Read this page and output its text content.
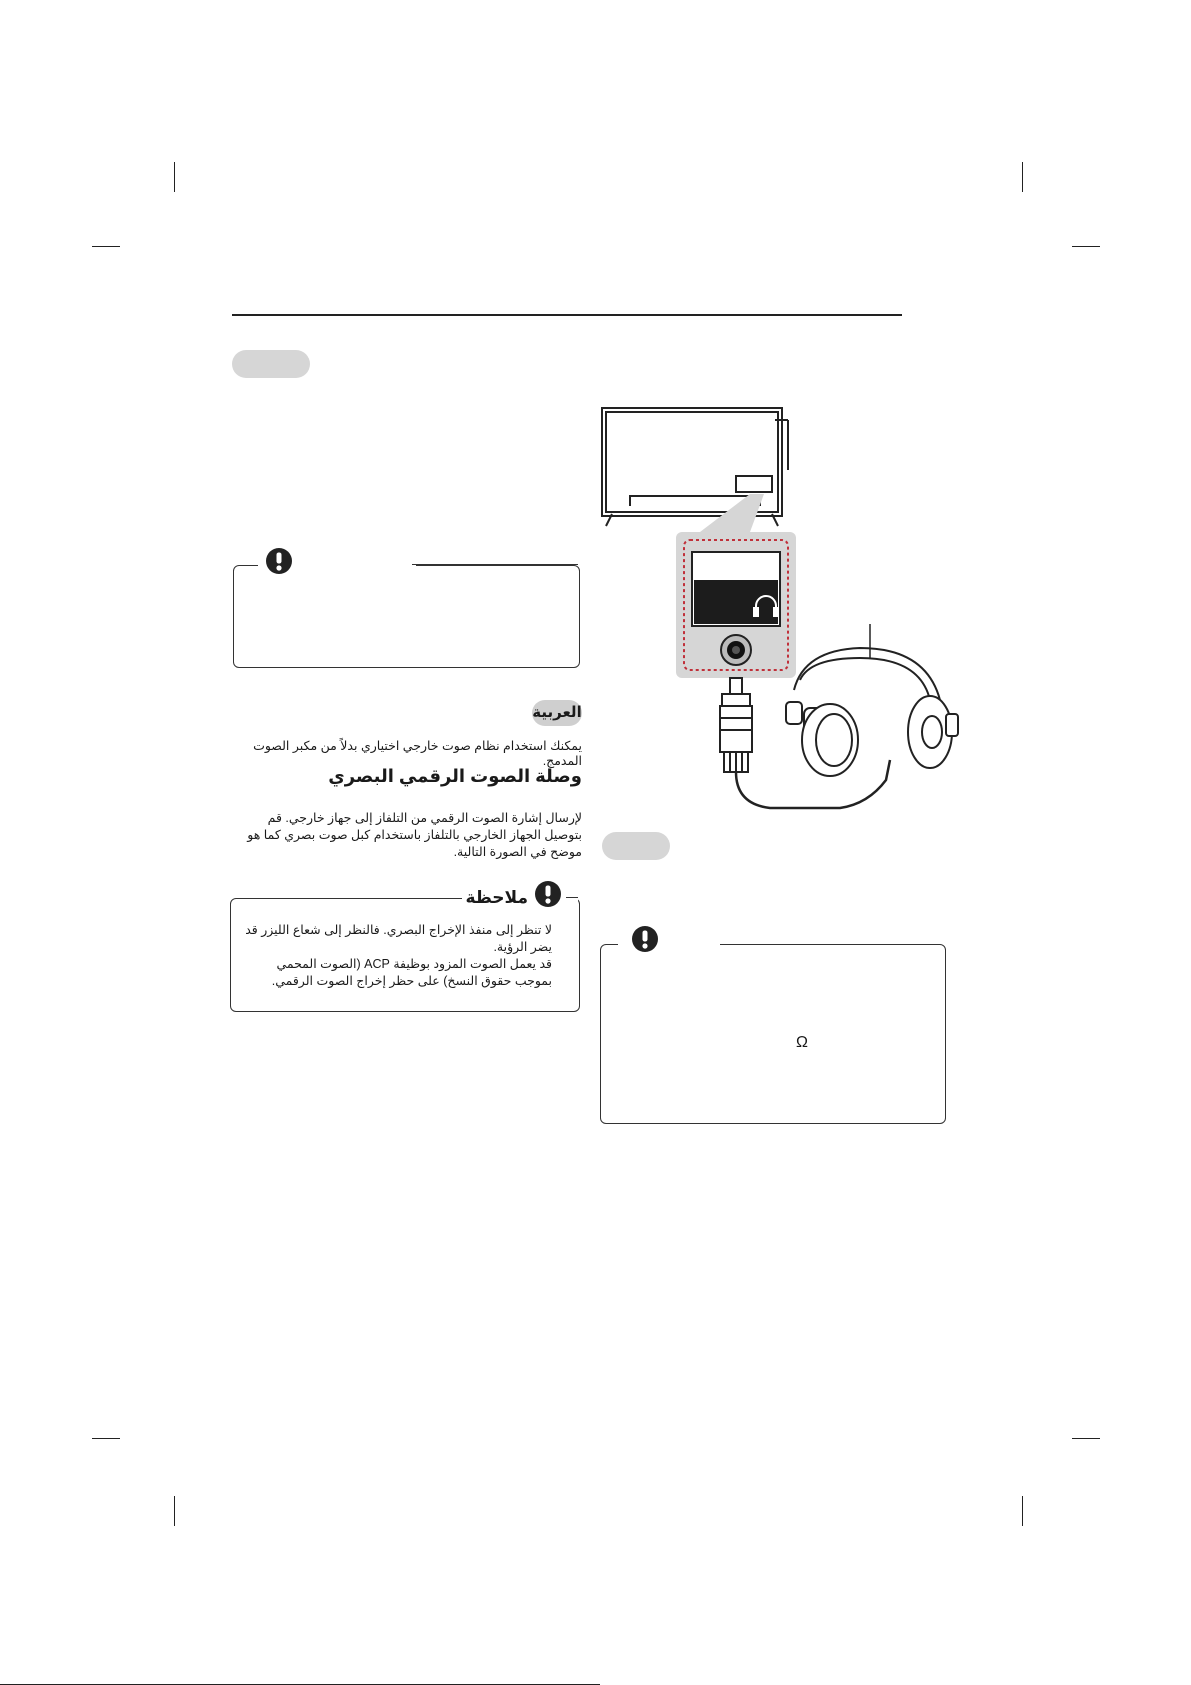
العربية
يمكنك استخدام نظام صوت خارجي اختياري بدلاً من مكبر الصوت المدمج.
وصلة الصوت الرقمي البصري
لإرسال إشارة الصوت الرقمي من التلفاز إلى جهاز خارجي. قم بتوصيل الجهاز الخارجي بالتلفاز باستخدام كبل صوت بصري كما هو موضح في الصورة التالية.
ملاحظة
لا تنظر إلى منفذ الإخراج البصري. فالنظر إلى شعاع الليزر قد يضر الرؤية.
قد يعمل الصوت المزود بوظيفة ACP (الصوت المحمي بموجب حقوق النسخ) على حظر إخراج الصوت الرقمي.
Ω
